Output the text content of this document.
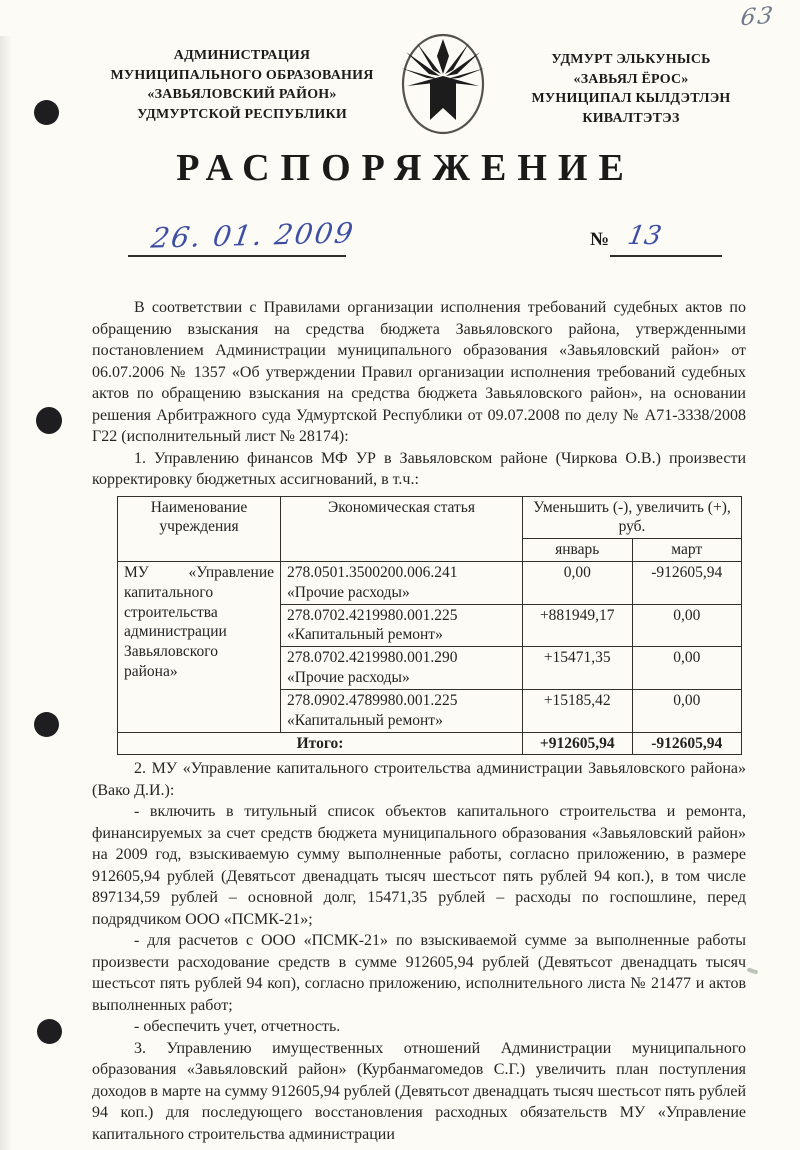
63
АДМИНИСТРАЦИЯ
МУНИЦИПАЛЬНОГО ОБРАЗОВАНИЯ
«ЗАВЬЯЛОВСКИЙ РАЙОН»
УДМУРТСКОЙ РЕСПУБЛИКИ
УДМУРТ ЭЛЬКУНЫСЬ
«ЗАВЬЯЛ ЁРОС»
МУНИЦИПАЛ КЫЛДЭТЛЭН
КИВАЛТЭТЭЗ
РАСПОРЯЖЕНИЕ
26. 01. 2009	№ 13

В соответствии с Правилами организации исполнения требований судебных актов по обращению взыскания на средства бюджета Завьяловского района, утвержденными постановлением Администрации муниципального образования «Завьяловский район» от 06.07.2006 № 1357 «Об утверждении Правил организации исполнения требований судебных актов по обращению взыскания на средства бюджета Завьяловского район», на основании решения Арбитражного суда Удмуртской Республики от 09.07.2008 по делу № А71-3338/2008 Г22 (исполнительный лист № 28174):

1. Управлению финансов МФ УР в Завьяловском районе (Чиркова О.В.) произвести корректировку бюджетных ассигнований, в т.ч.:

Наименование учреждения	Экономическая статья	Уменьшить (-), увеличить (+), руб.	
		январь	март
МУ «Управление капитального строительства администрации Завьяловского района»	278.0501.3500200.006.241
«Прочие расходы»	0,00	-912605,94
	278.0702.4219980.001.225
«Капитальный ремонт»	+881949,17	0,00
	278.0702.4219980.001.290
«Прочие расходы»	+15471,35	0,00
	278.0902.4789980.001.225
«Капитальный ремонт»	+15185,42	0,00
Итого:		+912605,94	-912605,94

2. МУ «Управление капитального строительства администрации Завьяловского района» (Вако Д.И.):

- включить в титульный список объектов капитального строительства и ремонта, финансируемых за счет средств бюджета муниципального образования «Завьяловский район» на 2009 год, взыскиваемую сумму выполненные работы, согласно приложению, в размере 912605,94 рублей (Девятьсот двенадцать тысяч шестьсот пять рублей 94 коп.), в том числе 897134,59 рублей – основной долг, 15471,35 рублей – расходы по госпошлине, перед подрядчиком ООО «ПСМК-21»;

- для расчетов с ООО «ПСМК-21» по взыскиваемой сумме за выполненные работы произвести расходование средств в сумме 912605,94 рублей (Девятьсот двенадцать тысяч шестьсот пять рублей 94 коп), согласно приложению, исполнительного листа № 21477 и актов выполненных работ;

- обеспечить учет, отчетность.

3. Управлению имущественных отношений Администрации муниципального образования «Завьяловский район» (Курбанмагомедов С.Г.) увеличить план поступления доходов в марте на сумму 912605,94 рублей (Девятьсот двенадцать тысяч шестьсот пять рублей 94 коп.) для последующего восстановления расходных обязательств МУ «Управление капитального строительства администрации
